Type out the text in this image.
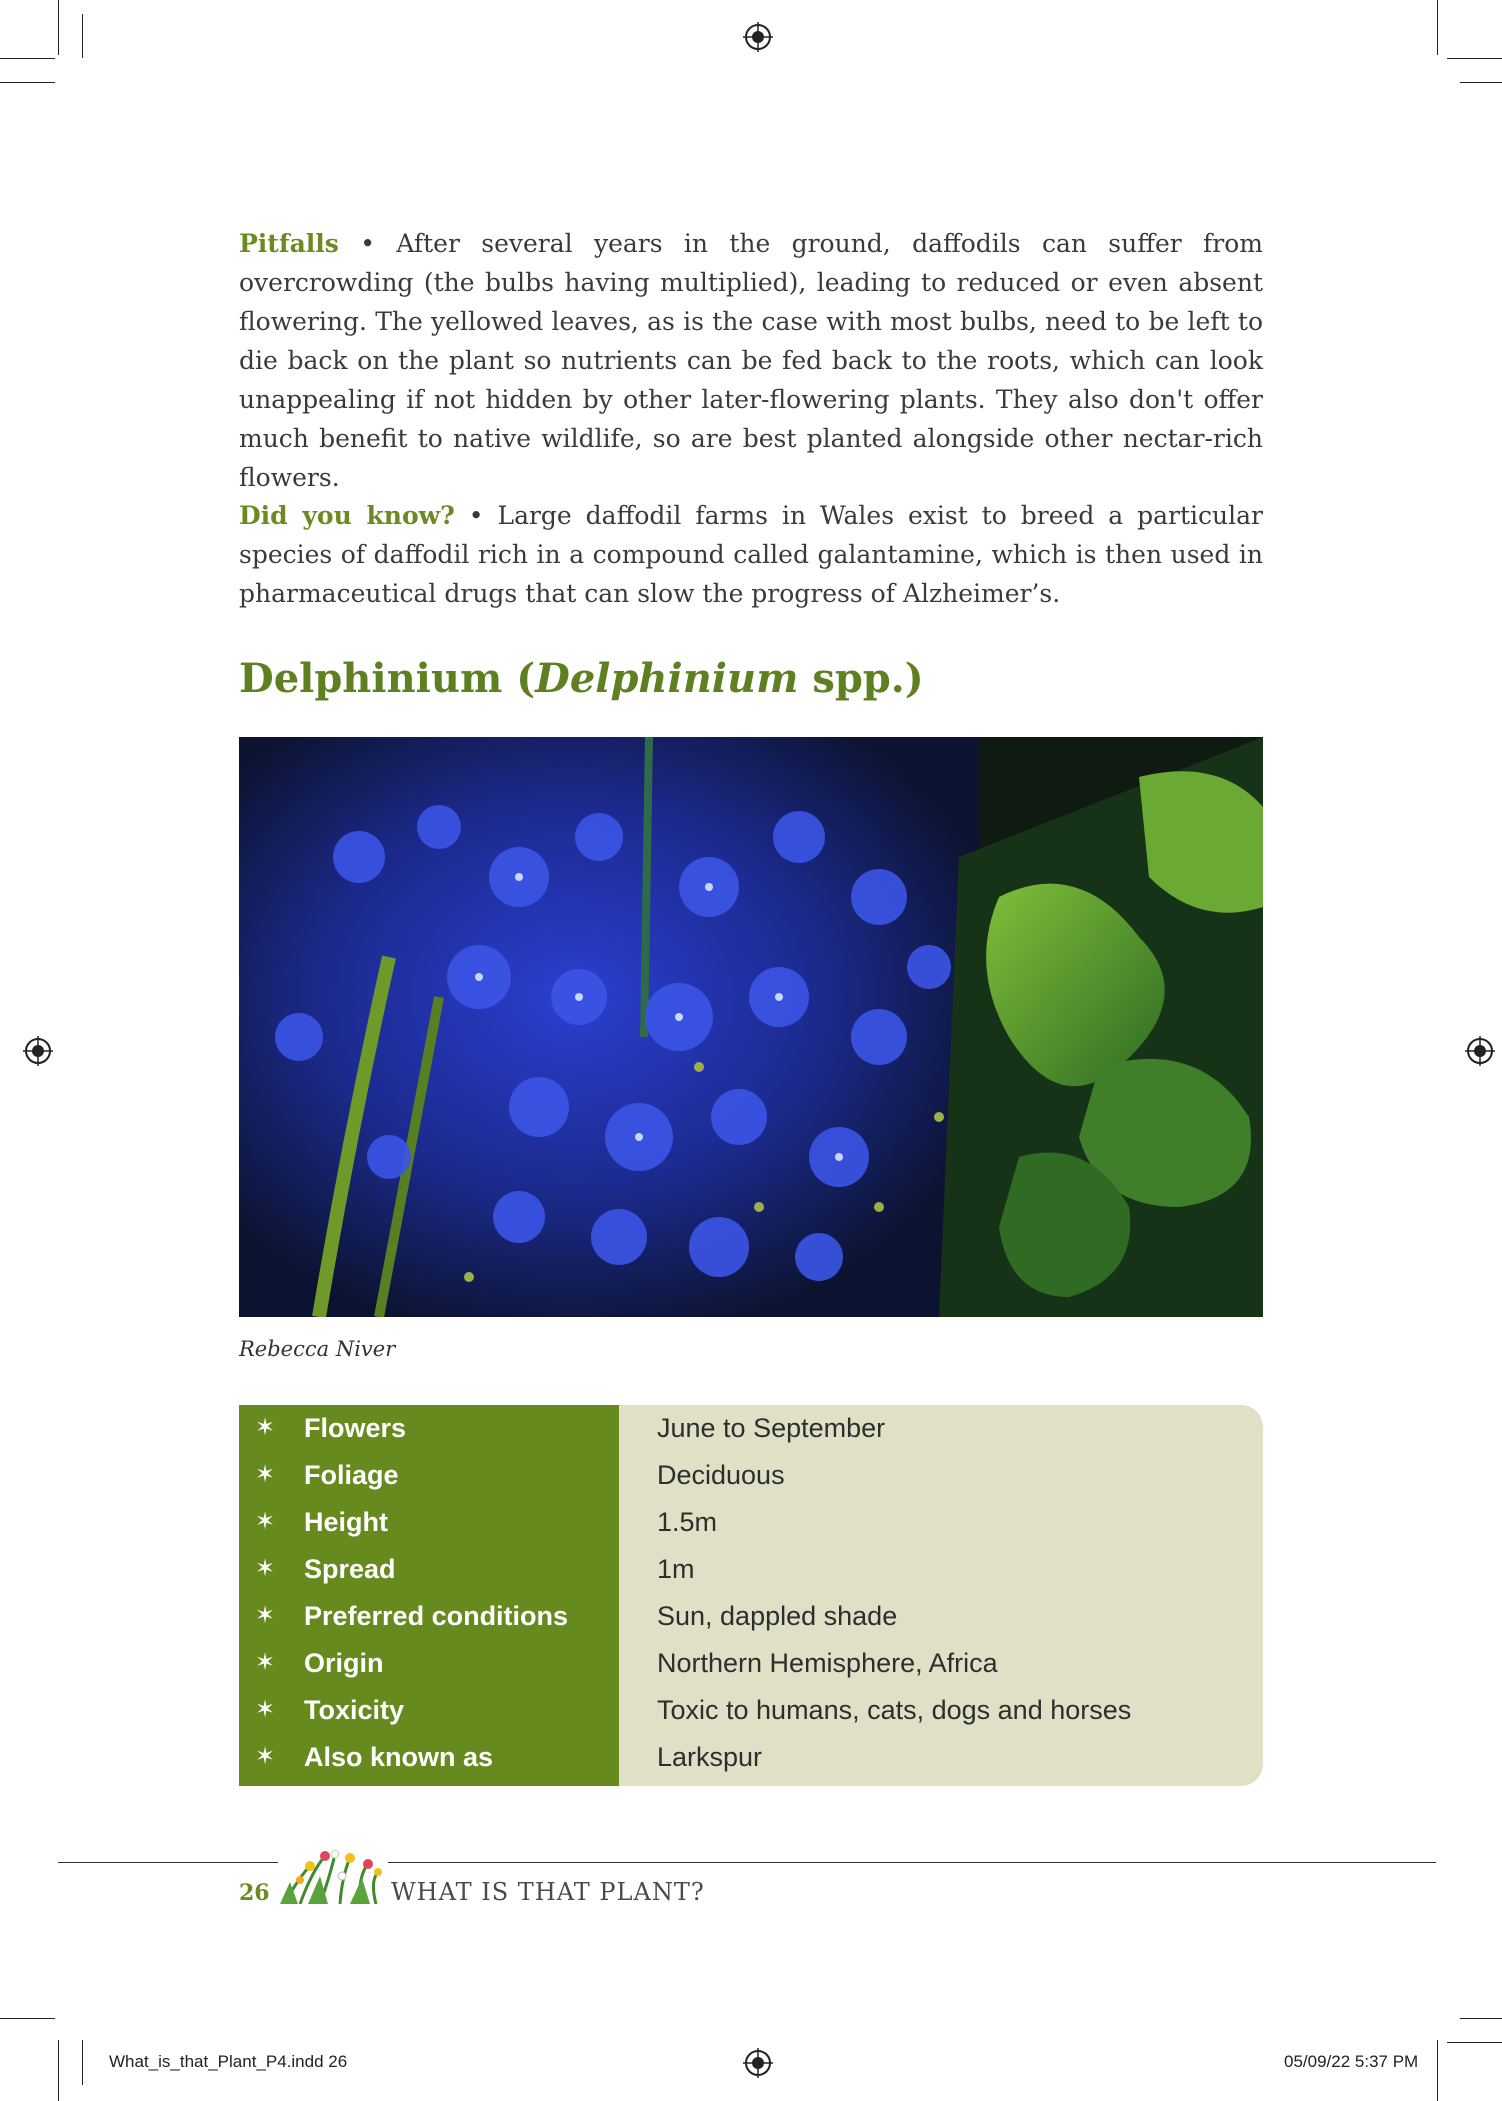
Pitfalls • After several years in the ground, daffodils can suffer from overcrowding (the bulbs having multiplied), leading to reduced or even absent flowering. The yellowed leaves, as is the case with most bulbs, need to be left to die back on the plant so nutrients can be fed back to the roots, which can look unappealing if not hidden by other later-flowering plants. They also don't offer much benefit to native wildlife, so are best planted alongside other nectar-rich flowers.

Did you know? • Large daffodil farms in Wales exist to breed a particular species of daffodil rich in a compound called galantamine, which is then used in pharmaceutical drugs that can slow the progress of Alzheimer’s.

Delphinium (Delphinium spp.)

Rebecca Niver

✶ Flowers	June to September
✶ Foliage	Deciduous
✶ Height	1.5m
✶ Spread	1m
✶ Preferred conditions	Sun, dappled shade
✶ Origin	Northern Hemisphere, Africa
✶ Toxicity	Toxic to humans, cats, dogs and horses
✶ Also known as	Larkspur

26	WHAT IS THAT PLANT?

What_is_that_Plant_P4.indd 26	05/09/22 5:37 PM
